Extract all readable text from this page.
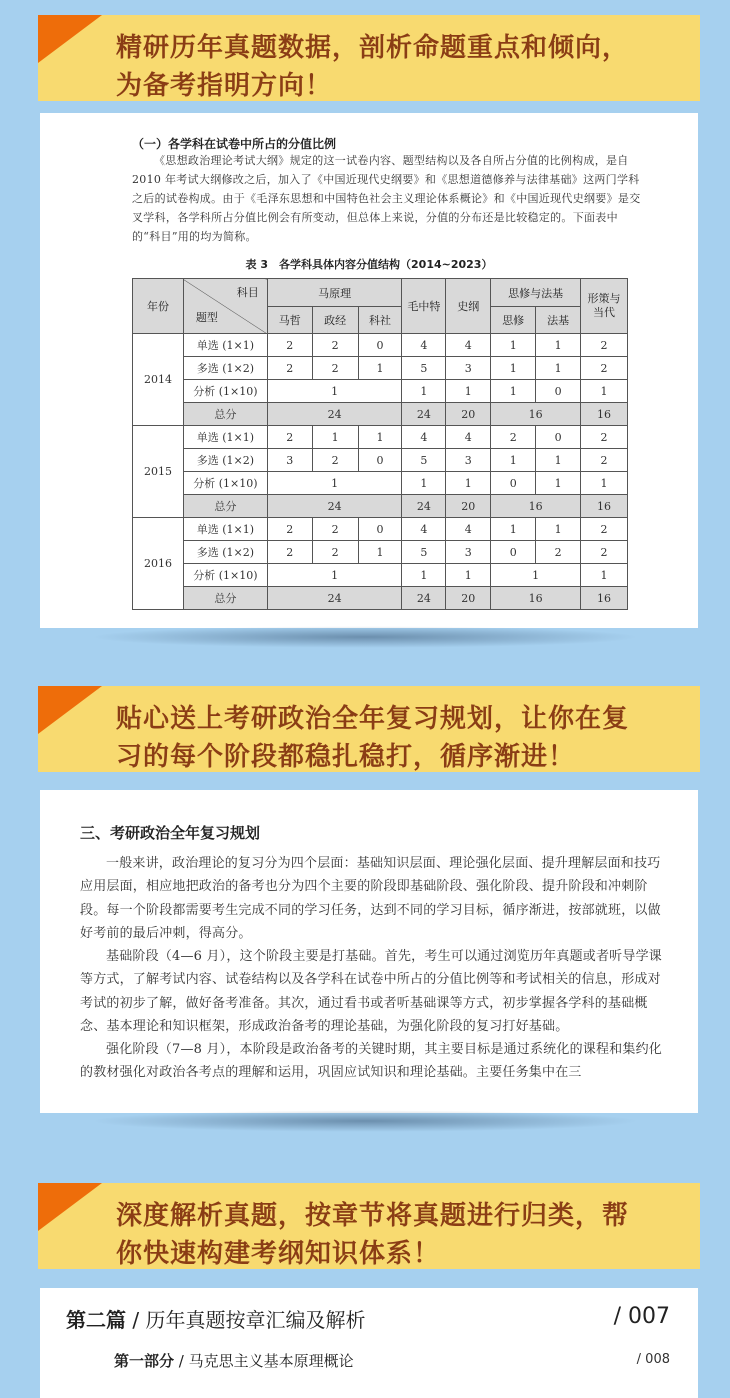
精研历年真题数据，剖析命题重点和倾向，

为备考指明方向！

（一）各学科在试卷中所占的分值比例
《思想政治理论考试大纲》规定的这一试卷内容、题型结构以及各自所占分值的比例构成，是自 2010 年考试大纲修改之后，加入了《中国近现代史纲要》和《思想道德修养与法律基础》这两门学科之后的试卷构成。由于《毛泽东思想和中国特色社会主义理论体系概论》和《中国近现代史纲要》是交叉学科，各学科所占分值比例会有所变动，但总体上来说，分值的分布还是比较稳定的。下面表中的“科目”用的均为简称。
表 3　各学科具体内容分值结构（2014~2023）
年份	科目
题型	马原理			毛中特	史纲	思修与法基		形策与当代
		马哲	政经	科社			思修	法基	
2014	单选 (1×1)	2	2	0	4	4	1	1	2
	多选 (1×2)	2	2	1	5	3	1	1	2
	分析 (1×10)	1			1	1	1	0	1
	总分	24			24	20	16		16
2015	单选 (1×1)	2	1	1	4	4	2	0	2
	多选 (1×2)	3	2	0	5	3	1	1	2
	分析 (1×10)	1			1	1	0	1	1
	总分	24			24	20	16		16
2016	单选 (1×1)	2	2	0	4	4	1	1	2
	多选 (1×2)	2	2	1	5	3	0	2	2
	分析 (1×10)	1			1	1	1		1
	总分	24			24	20	16		16

贴心送上考研政治全年复习规划，让你在复

习的每个阶段都稳扎稳打，循序渐进！

三、考研政治全年复习规划
一般来讲，政治理论的复习分为四个层面：基础知识层面、理论强化层面、提升理解层面和技巧应用层面，相应地把政治的备考也分为四个主要的阶段即基础阶段、强化阶段、提升阶段和冲刺阶段。每一个阶段都需要考生完成不同的学习任务，达到不同的学习目标，循序渐进，按部就班，以做好考前的最后冲刺，得高分。
基础阶段（4—6 月），这个阶段主要是打基础。首先，考生可以通过浏览历年真题或者听导学课等方式，了解考试内容、试卷结构以及各学科在试卷中所占的分值比例等和考试相关的信息，形成对考试的初步了解，做好备考准备。其次，通过看书或者听基础课等方式，初步掌握各学科的基础概念、基本理论和知识框架，形成政治备考的理论基础，为强化阶段的复习打好基础。
强化阶段（7—8 月），本阶段是政治备考的关键时期，其主要目标是通过系统化的课程和集约化的教材强化对政治各考点的理解和运用，巩固应试知识和理论基础。主要任务集中在三

深度解析真题，按章节将真题进行归类，帮

你快速构建考纲知识体系！

第二篇 / 历年真题按章汇编及解析	/ 007
第一部分 / 马克思主义基本原理概论	/ 008
